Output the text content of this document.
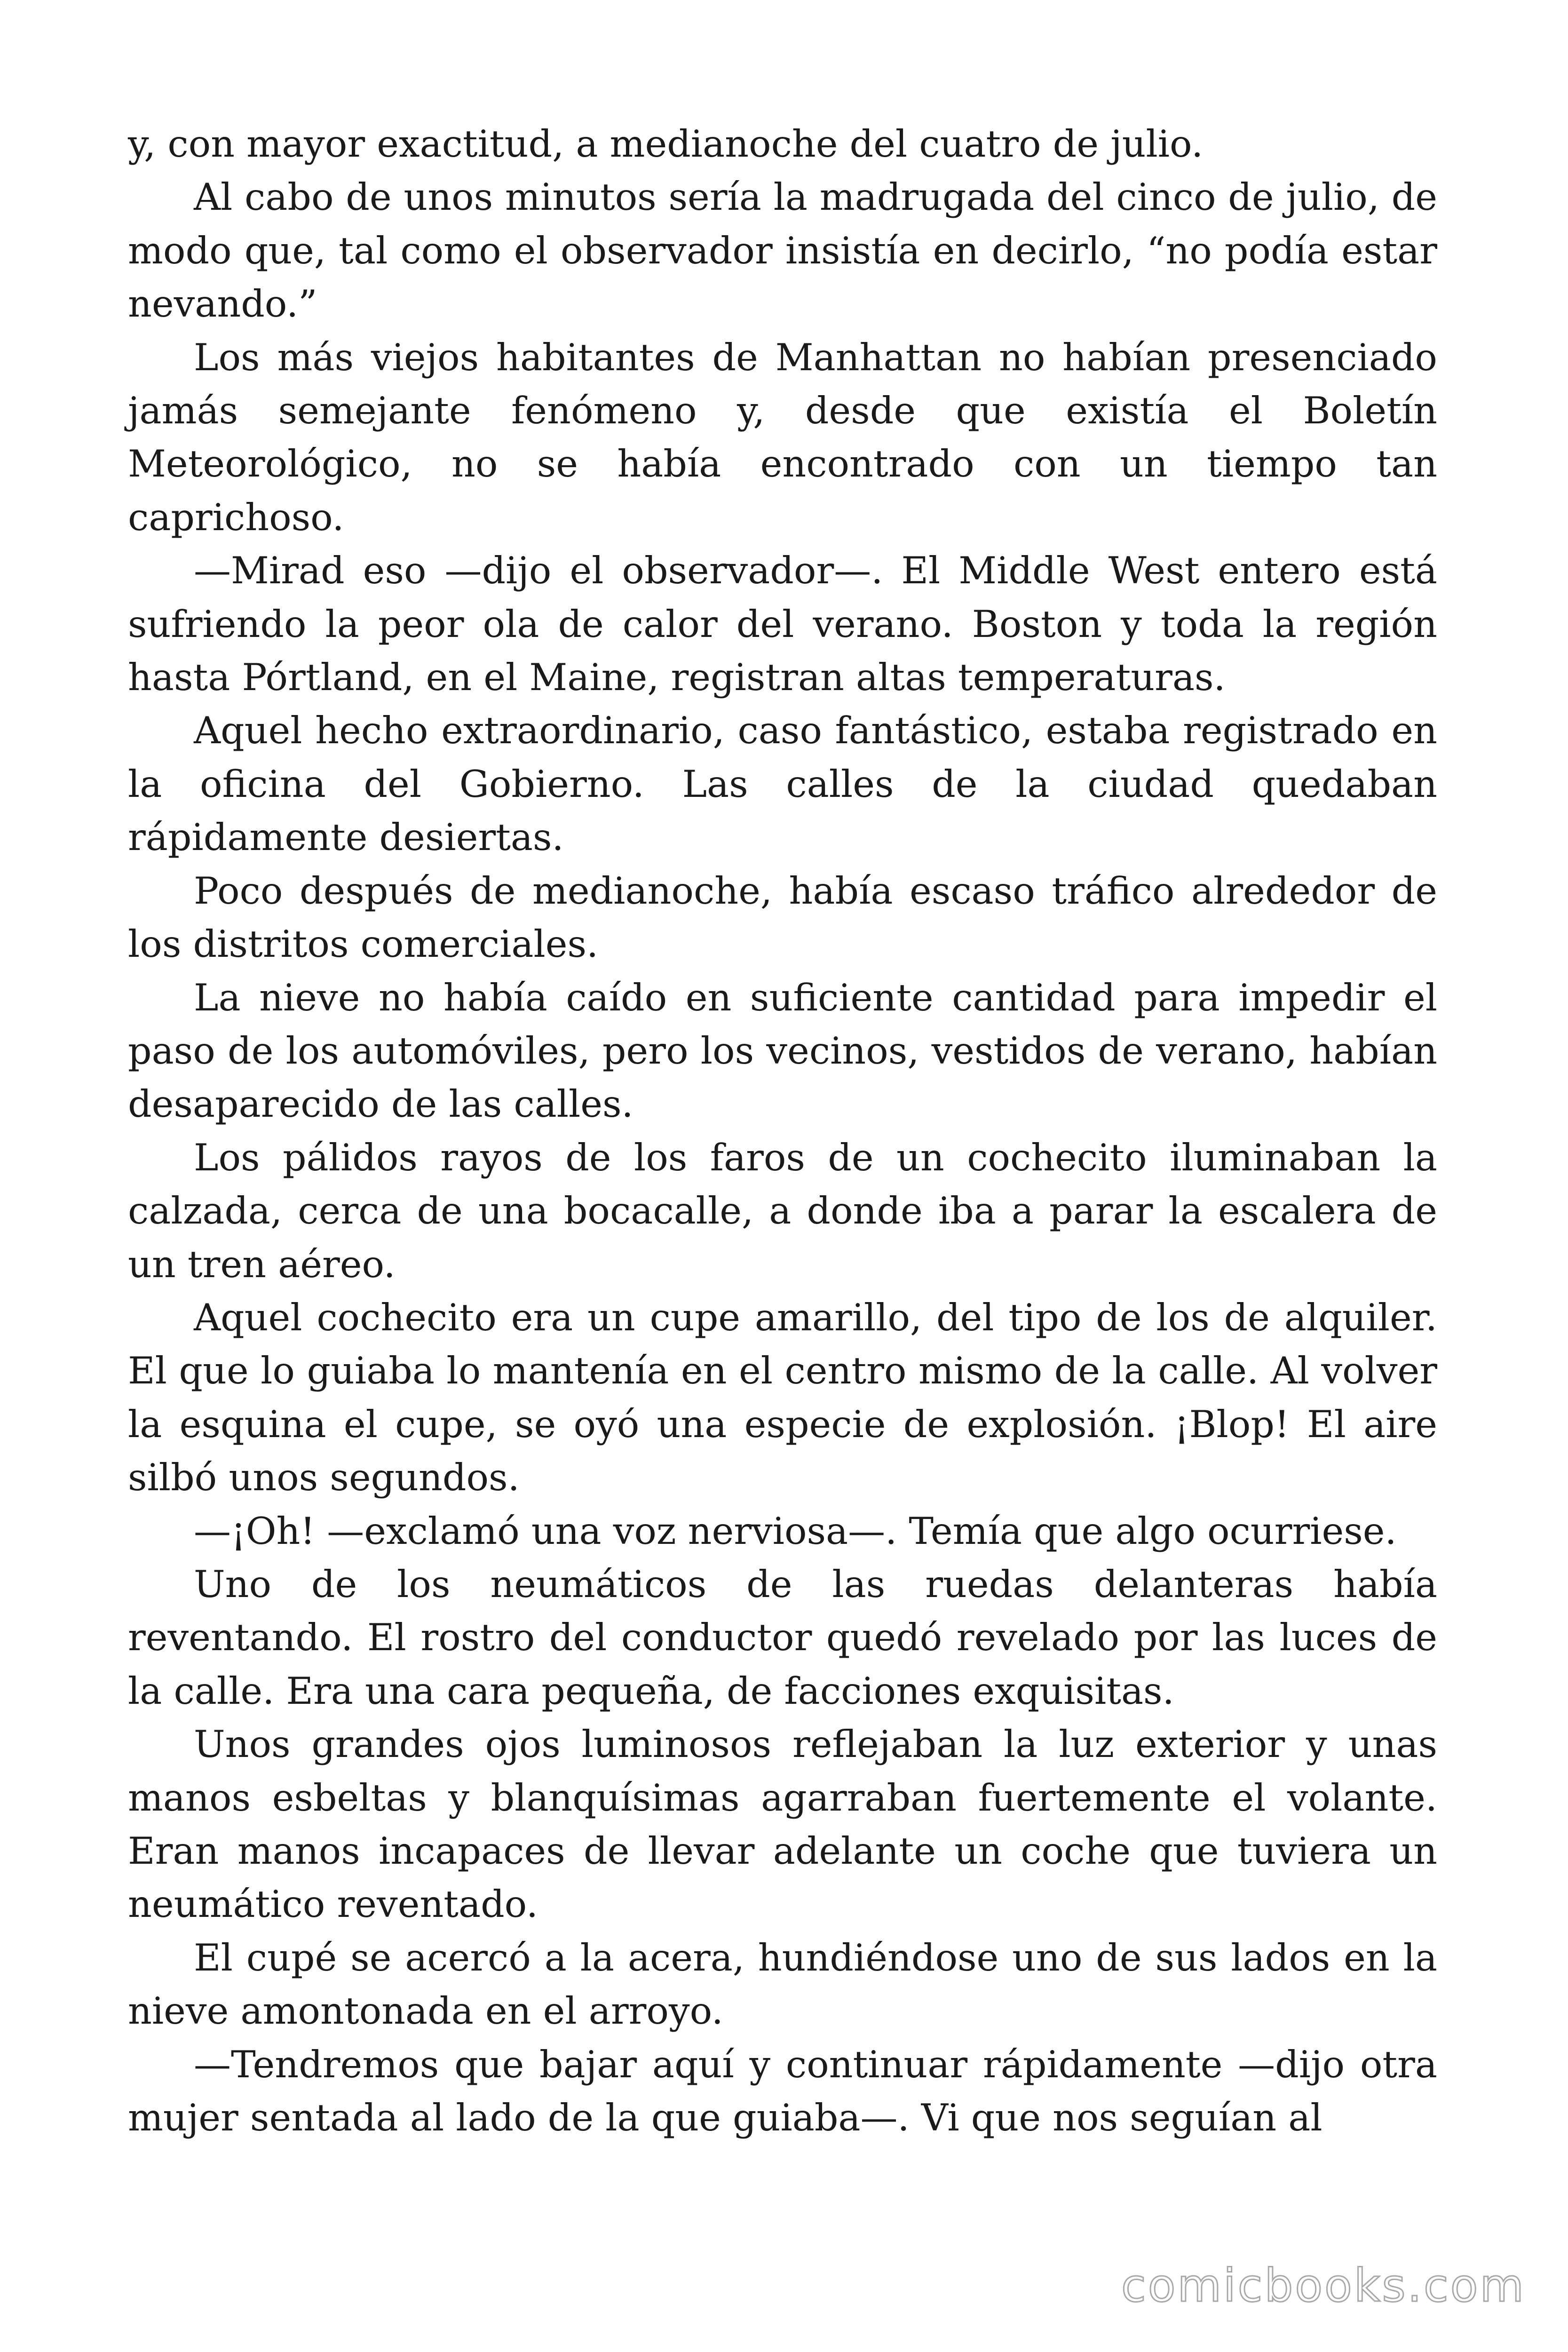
y, con mayor exactitud, a medianoche del cuatro de julio.

Al cabo de unos minutos sería la madrugada del cinco de julio, de modo que, tal como el observador insistía en decirlo, “no podía estar nevando.”

Los más viejos habitantes de Manhattan no habían presenciado jamás semejante fenómeno y, desde que existía el Boletín Meteorológico, no se había encontrado con un tiempo tan caprichoso.

—Mirad eso —dijo el observador—. El Middle West entero está sufriendo la peor ola de calor del verano. Boston y toda la región hasta Pórtland, en el Maine, registran altas temperaturas.

Aquel hecho extraordinario, caso fantástico, estaba registrado en la oficina del Gobierno. Las calles de la ciudad quedaban rápidamente desiertas.

Poco después de medianoche, había escaso tráfico alrededor de los distritos comerciales.

La nieve no había caído en suficiente cantidad para impedir el paso de los automóviles, pero los vecinos, vestidos de verano, habían desaparecido de las calles.

Los pálidos rayos de los faros de un cochecito iluminaban la calzada, cerca de una bocacalle, a donde iba a parar la escalera de un tren aéreo.

Aquel cochecito era un cupe amarillo, del tipo de los de alquiler. El que lo guiaba lo mantenía en el centro mismo de la calle. Al volver la esquina el cupe, se oyó una especie de explosión. ¡Blop! El aire silbó unos segundos.

—¡Oh! —exclamó una voz nerviosa—. Temía que algo ocurriese.

Uno de los neumáticos de las ruedas delanteras había reventando. El rostro del conductor quedó revelado por las luces de la calle. Era una cara pequeña, de facciones exquisitas.

Unos grandes ojos luminosos reflejaban la luz exterior y unas manos esbeltas y blanquísimas agarraban fuertemente el volante. Eran manos incapaces de llevar adelante un coche que tuviera un neumático reventado.

El cupé se acercó a la acera, hundiéndose uno de sus lados en la nieve amontonada en el arroyo.

—Tendremos que bajar aquí y continuar rápidamente —dijo otra mujer sentada al lado de la que guiaba—. Vi que nos seguían al

comicbooks.com
